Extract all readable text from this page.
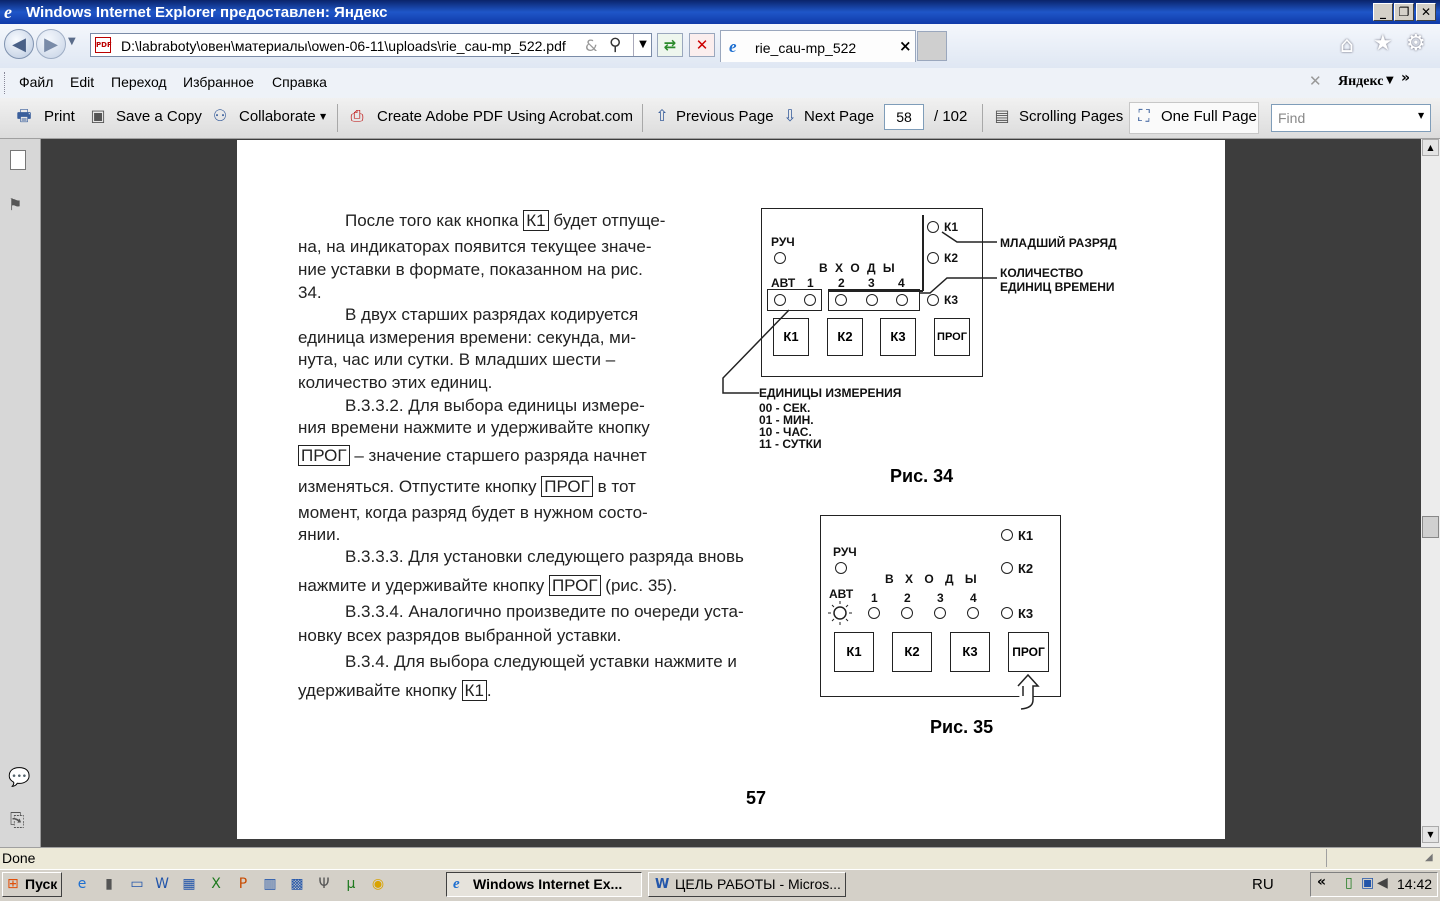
e Windows Internet Explorer предоставлен: Яндекс	_	❐ ✕
◀	▶	▼	PDF D:\labraboty\овен\материалы\owen-06-11\uploads\rie_cau-mp_522.pdf & ⚲	▼	⇄	✕	e rie_cau-mp_522	×	⌂ ★ ⚙
Файл Edit Переход Избранное Справка	✕ Яндекс ▼ »
🖶 Print ▣ Save a Copy ⚇ Collaborate ▼ ⎙ Create Adobe PDF Using Acrobat.com ⇧ Previous Page ⇩ Next Page	58	/ 102 ▤ Scrolling Pages ⛶ One Full Page Find	▼
⚑
💬
⎘
▲
▼
После того как кнопка К1 будет отпуще-
на, на индикаторах появится текущее значе-
ние уставки в формате, показанном на рис.
34.
В двух старших разрядах кодируется
единица измерения времени: секунда, ми-
нута, час или сутки. В младших шести –
количество этих единиц.
В.3.3.2. Для выбора единицы измере-
ния времени нажмите и удерживайте кнопку
ПРОГ – значение старшего разряда начнет
изменяться. Отпустите кнопку ПРОГ в тот
момент, когда разряд будет в нужном состо-
янии.
В.3.3.3. Для установки следующего разряда вновь
нажмите и удерживайте кнопку ПРОГ (рис. 35).
В.3.3.4. Аналогично произведите по очереди уста-
новку всех разрядов выбранной уставки.
В.3.4. Для выбора следующей уставки нажмите и
удерживайте кнопку К1 .
РУЧ
В Х О Д Ы
АВТ 1 2 3 4
К1
К2
К3
К1	К2	К3	ПРОГ
МЛАДШИЙ РАЗРЯД
КОЛИЧЕСТВО
ЕДИНИЦ ВРЕМЕНИ
ЕДИНИЦЫ ИЗМЕРЕНИЯ
00 - СЕК.
01 - МИН.
10 - ЧАС.
11 - СУТКИ
Рис. 34
РУЧ
В Х О Д Ы
АВТ 1 2 3 4
К1
К2
К3
К1	К2	К3	ПРОГ
Рис. 35
57
Done	◢
⊞ Пуск	e	▮	▭ W ▦	X	P	▥ ▩ Ψ	µ	◉	e Windows Internet Ex...	W ЦЕЛЬ РАБОТЫ - Micros...	RU	« ▯ ▣ ◀ 14:42
